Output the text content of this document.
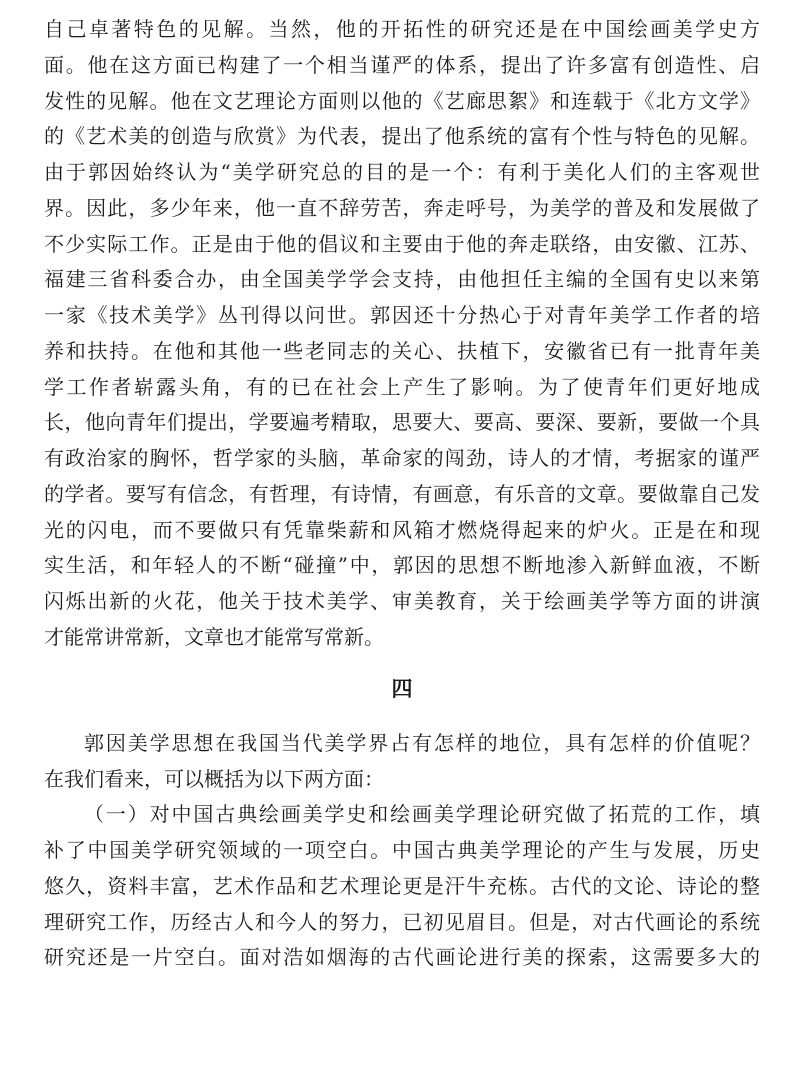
自己卓著特色的见解。当然，他的开拓性的研究还是在中国绘画美学史方
面。他在这方面已构建了一个相当谨严的体系，提出了许多富有创造性、启
发性的见解。他在文艺理论方面则以他的《艺廊思絮》和连载于《北方文学》
的《艺术美的创造与欣赏》为代表，提出了他系统的富有个性与特色的见解。
由于郭因始终认为“美学研究总的目的是一个：有利于美化人们的主客观世
界。因此，多少年来，他一直不辞劳苦，奔走呼号，为美学的普及和发展做了
不少实际工作。正是由于他的倡议和主要由于他的奔走联络，由安徽、江苏、
福建三省科委合办，由全国美学学会支持，由他担任主编的全国有史以来第
一家《技术美学》丛刊得以问世。郭因还十分热心于对青年美学工作者的培
养和扶持。在他和其他一些老同志的关心、扶植下，安徽省已有一批青年美
学工作者崭露头角，有的已在社会上产生了影响。为了使青年们更好地成
长，他向青年们提出，学要遍考精取，思要大、要高、要深、要新，要做一个具
有政治家的胸怀，哲学家的头脑，革命家的闯劲，诗人的才情，考据家的谨严
的学者。要写有信念，有哲理，有诗情，有画意，有乐音的文章。要做靠自己发
光的闪电，而不要做只有凭靠柴薪和风箱才燃烧得起来的炉火。正是在和现
实生活，和年轻人的不断“碰撞”中，郭因的思想不断地渗入新鲜血液，不断
闪烁出新的火花，他关于技术美学、审美教育，关于绘画美学等方面的讲演
才能常讲常新，文章也才能常写常新。
四
郭因美学思想在我国当代美学界占有怎样的地位，具有怎样的价值呢？
在我们看来，可以概括为以下两方面：
（一）对中国古典绘画美学史和绘画美学理论研究做了拓荒的工作，填
补了中国美学研究领域的一项空白。中国古典美学理论的产生与发展，历史
悠久，资料丰富，艺术作品和艺术理论更是汗牛充栋。古代的文论、诗论的整
理研究工作，历经古人和今人的努力，已初见眉目。但是，对古代画论的系统
研究还是一片空白。面对浩如烟海的古代画论进行美的探索，这需要多大的
